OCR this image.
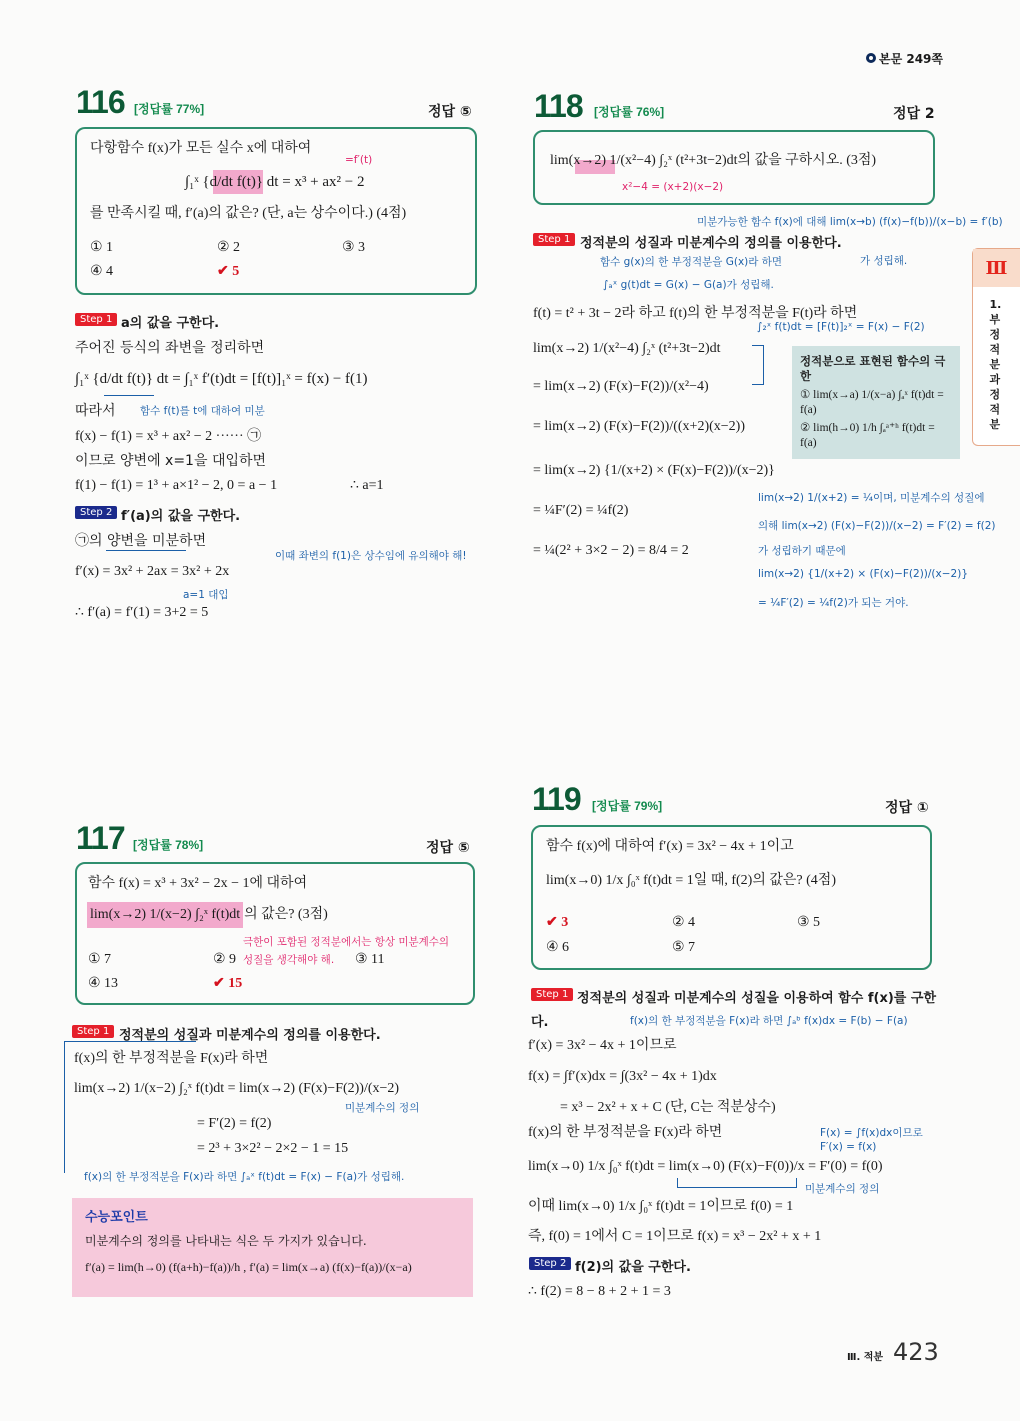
본문 249쪽
Ⅲ
1. 부정적분과 정적분
116 [정답률 77%]	정답 ⑤
다항함수 f(x)가 모든 실수 x에 대하여
=f′(t)
∫₁ˣ {d/dt f(t)} dt = x³ + ax² − 2
를 만족시킬 때, f′(a)의 값은? (단, a는 상수이다.) (4점)
① 1	② 2	③ 3
④ 4	✔ 5
Step 1 a의 값을 구한다.
주어진 등식의 좌변을 정리하면
∫₁ˣ {d/dt f(t)} dt = ∫₁ˣ f′(t)dt = [f(t)]₁ˣ = f(x) − f(1)
따라서 함수 f(t)를 t에 대하여 미분
f(x) − f(1) = x³ + ax² − 2 ······ ㉠
이므로 양변에 x=1을 대입하면
f(1) − f(1) = 1³ + a×1² − 2, 0 = a − 1	∴ a=1
Step 2 f′(a)의 값을 구한다.
㉠의 양변을 미분하면
이때 좌변의 f(1)은 상수임에 유의해야 해!
f′(x) = 3x² + 2ax = 3x² + 2x
a=1 대입
∴ f′(a) = f′(1) = 3+2 = 5
117 [정답률 78%]	정답 ⑤
함수 f(x) = x³ + 3x² − 2x − 1에 대하여
lim(x→2) 1/(x−2) ∫₂ˣ f(t)dt 의 값은? (3점)
극한이 포함된 정적분에서는 항상 미분계수의
성질을 생각해야 해.
① 7	② 9	③ 11
④ 13	✔ 15
Step 1 정적분의 성질과 미분계수의 정의를 이용한다.
f(x)의 한 부정적분을 F(x)라 하면
lim(x→2) 1/(x−2) ∫₂ˣ f(t)dt = lim(x→2) (F(x)−F(2))/(x−2)
미분계수의 정의
= F′(2) = f(2)
= 2³ + 3×2² − 2×2 − 1 = 15
f(x)의 한 부정적분을 F(x)라 하면 ∫ₐˣ f(t)dt = F(x) − F(a)가 성립해.
수능포인트
미분계수의 정의를 나타내는 식은 두 가지가 있습니다.
f′(a) = lim(h→0) (f(a+h)−f(a))/h , f′(a) = lim(x→a) (f(x)−f(a))/(x−a)
118 [정답률 76%]	정답 2
lim(x→2) 1/(x²−4) ∫₂ˣ (t²+3t−2)dt의 값을 구하시오. (3점)
x²−4 = (x+2)(x−2)
미분가능한 함수 f(x)에 대해 lim(x→b) (f(x)−f(b))/(x−b) = f′(b)
가 성립해.
Step 1 정적분의 성질과 미분계수의 정의를 이용한다.
함수 g(x)의 한 부정적분을 G(x)라 하면
∫ₐˣ g(t)dt = G(x) − G(a)가 성립해.
f(t) = t² + 3t − 2라 하고 f(t)의 한 부정적분을 F(t)라 하면
lim(x→2) 1/(x²−4) ∫₂ˣ (t²+3t−2)dt
= lim(x→2) (F(x)−F(2))/(x²−4)
= lim(x→2) (F(x)−F(2))/((x+2)(x−2))
= lim(x→2) {1/(x+2) × (F(x)−F(2))/(x−2)}
= ¼F′(2) = ¼f(2)
= ¼(2² + 3×2 − 2) = 8/4 = 2
∫₂ˣ f(t)dt = [F(t)]₂ˣ = F(x) − F(2)
정적분으로 표현된 함수의 극한
① lim(x→a) 1/(x−a) ∫ₐˣ f(t)dt = f(a)
② lim(h→0) 1/h ∫ₐᵃ⁺ʰ f(t)dt = f(a)
lim(x→2) 1/(x+2) = ¼이며, 미분계수의 성질에
의해 lim(x→2) (F(x)−F(2))/(x−2) = F′(2) = f(2)
가 성립하기 때문에
lim(x→2) {1/(x+2) × (F(x)−F(2))/(x−2)}
= ¼F′(2) = ¼f(2)가 되는 거야.
119 [정답률 79%]	정답 ①
함수 f(x)에 대하여 f′(x) = 3x² − 4x + 1이고
lim(x→0) 1/x ∫₀ˣ f(t)dt = 1일 때, f(2)의 값은? (4점)
✔ 3	② 4	③ 5
④ 6	⑤ 7
Step 1 정적분의 성질과 미분계수의 성질을 이용하여 함수 f(x)를 구한
다.	f(x)의 한 부정적분을 F(x)라 하면 ∫ₐᵇ f(x)dx = F(b) − F(a)
f′(x) = 3x² − 4x + 1이므로
f(x) = ∫f′(x)dx = ∫(3x² − 4x + 1)dx
= x³ − 2x² + x + C (단, C는 적분상수)
f(x)의 한 부정적분을 F(x)라 하면	F(x) = ∫f(x)dx이므로
F′(x) = f(x)
lim(x→0) 1/x ∫₀ˣ f(t)dt = lim(x→0) (F(x)−F(0))/x = F′(0) = f(0)
미분계수의 정의
이때 lim(x→0) 1/x ∫₀ˣ f(t)dt = 1이므로 f(0) = 1
즉, f(0) = 1에서 C = 1이므로 f(x) = x³ − 2x² + x + 1
Step 2 f(2)의 값을 구한다.
∴ f(2) = 8 − 8 + 2 + 1 = 3
Ⅲ. 적분 423
